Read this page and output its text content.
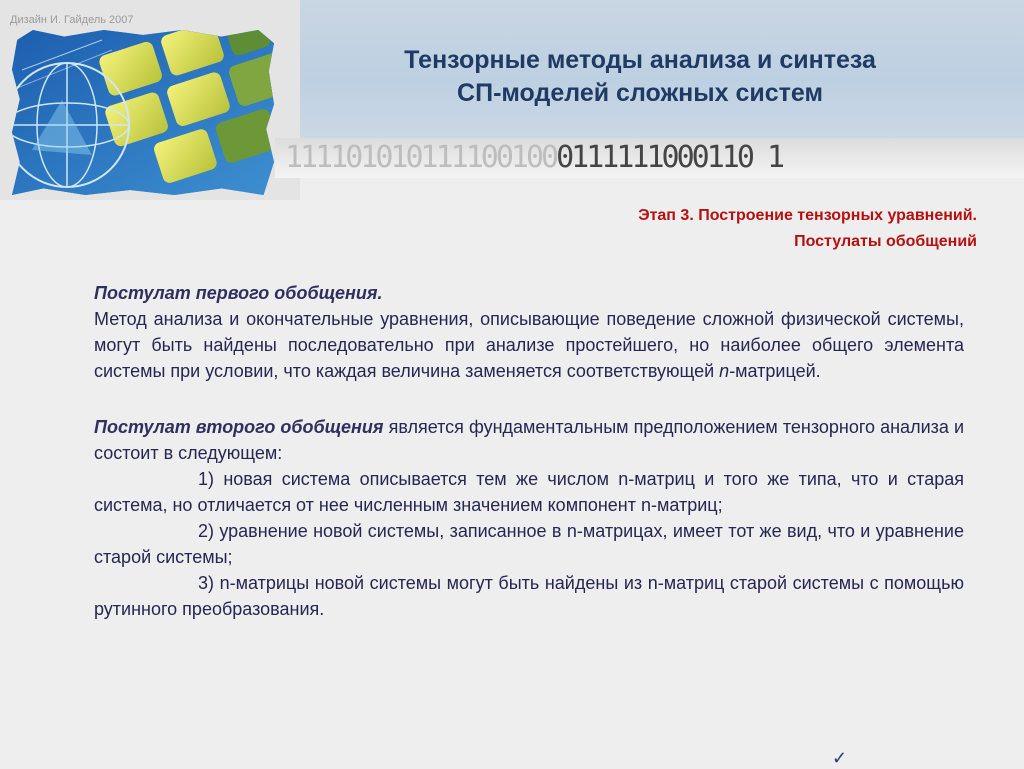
1111010101111001000111111000110 1
Дизайн И. Гайдель 2007
Тензорные методы анализа и синтеза
СП-моделей сложных систем
Этап 3. Построение тензорных уравнений.
Постулаты обобщений

Постулат первого обобщения.

Метод анализа и окончательные уравнения, описывающие поведение сложной физической системы, могут быть найдены последовательно при анализе простейшего, но наиболее общего элемента системы при условии, что каждая величина заменяется соответствующей n-матрицей.

Постулат второго обобщения является фундаментальным предположением тензорного анализа и состоит в следующем:

1) новая система описывается тем же числом n-матриц и того же типа, что и старая система, но отличается от нее численным значением компонент n-матриц;

2) уравнение новой системы, записанное в n-матрицах, имеет тот же вид, что и уравнение старой системы;

3) n-матрицы новой системы могут быть найдены из n-матриц старой системы с помощью рутинного преобразования.

✓
